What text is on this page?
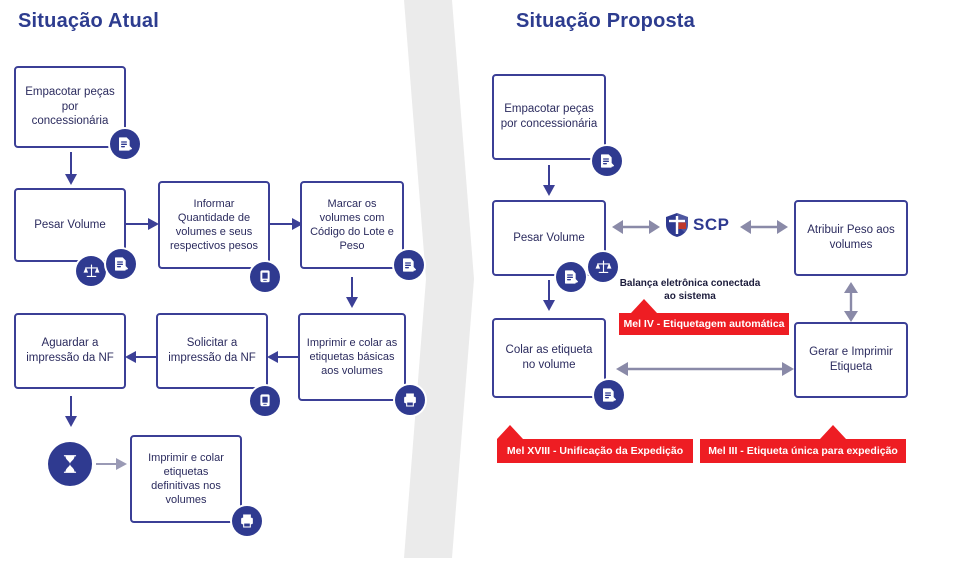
Situação Atual	Situação Proposta
Empacotar peças por concessionária
Pesar Volume
Informar Quantidade de volumes e seus respectivos pesos
Marcar os volumes com Código do Lote e Peso
Imprimir e colar as etiquetas básicas aos volumes
Solicitar a impressão da NF
Aguardar a impressão da NF
Imprimir e colar etiquetas definitivas nos volumes
Empacotar peças por concessionária
Pesar Volume
SCP	Atribuir Peso aos volumes
Balança eletrônica conectada ao sistema
Mel IV - Etiquetagem automática
Colar as etiqueta no volume
Gerar e Imprimir Etiqueta
Mel XVIII - Unificação da Expedição Mel III - Etiqueta única para expedição
